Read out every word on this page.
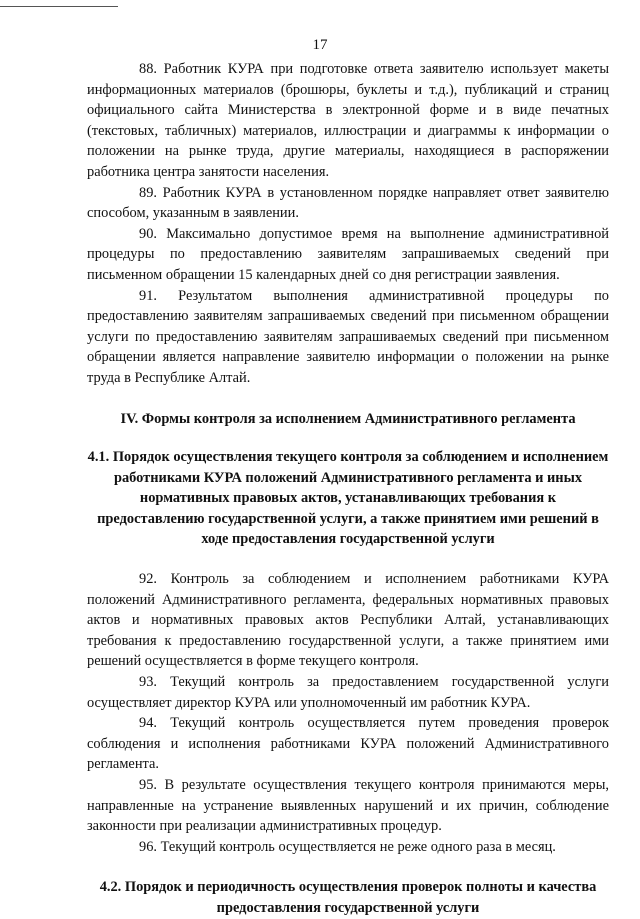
17

88. Работник КУРА при подготовке ответа заявителю использует макеты информационных материалов (брошюры, буклеты и т.д.), публикаций и страниц официального сайта Министерства в электронной форме и в виде печатных (текстовых, табличных) материалов, иллюстрации и диаграммы к информации о положении на рынке труда, другие материалы, находящиеся в распоряжении работника центра занятости населения.

89. Работник КУРА в установленном порядке направляет ответ заявителю способом, указанным в заявлении.

90. Максимально допустимое время на выполнение административной процедуры по предоставлению заявителям запрашиваемых сведений при письменном обращении 15 календарных дней со дня регистрации заявления.

91. Результатом выполнения административной процедуры по предоставлению заявителям запрашиваемых сведений при письменном обращении услуги по предоставлению заявителям запрашиваемых сведений при письменном обращении является направление заявителю информации о положении на рынке труда в Республике Алтай.

IV. Формы контроля за исполнением Административного регламента

4.1. Порядок осуществления текущего контроля за соблюдением и исполнением работниками КУРА положений Административного регламента и иных нормативных правовых актов, устанавливающих требования к предоставлению государственной услуги, а также принятием ими решений в ходе предоставления государственной услуги

92. Контроль за соблюдением и исполнением работниками КУРА положений Административного регламента, федеральных нормативных правовых актов и нормативных правовых актов Республики Алтай, устанавливающих требования к предоставлению государственной услуги, а также принятием ими решений осуществляется в форме текущего контроля.

93. Текущий контроль за предоставлением государственной услуги осуществляет директор КУРА или уполномоченный им работник КУРА.

94. Текущий контроль осуществляется путем проведения проверок соблюдения и исполнения работниками КУРА положений Административного регламента.

95. В результате осуществления текущего контроля принимаются меры, направленные на устранение выявленных нарушений и их причин, соблюдение законности при реализации административных процедур.

96. Текущий контроль осуществляется не реже одного раза в месяц.

4.2. Порядок и периодичность осуществления проверок полноты и качества предоставления государственной услуги
